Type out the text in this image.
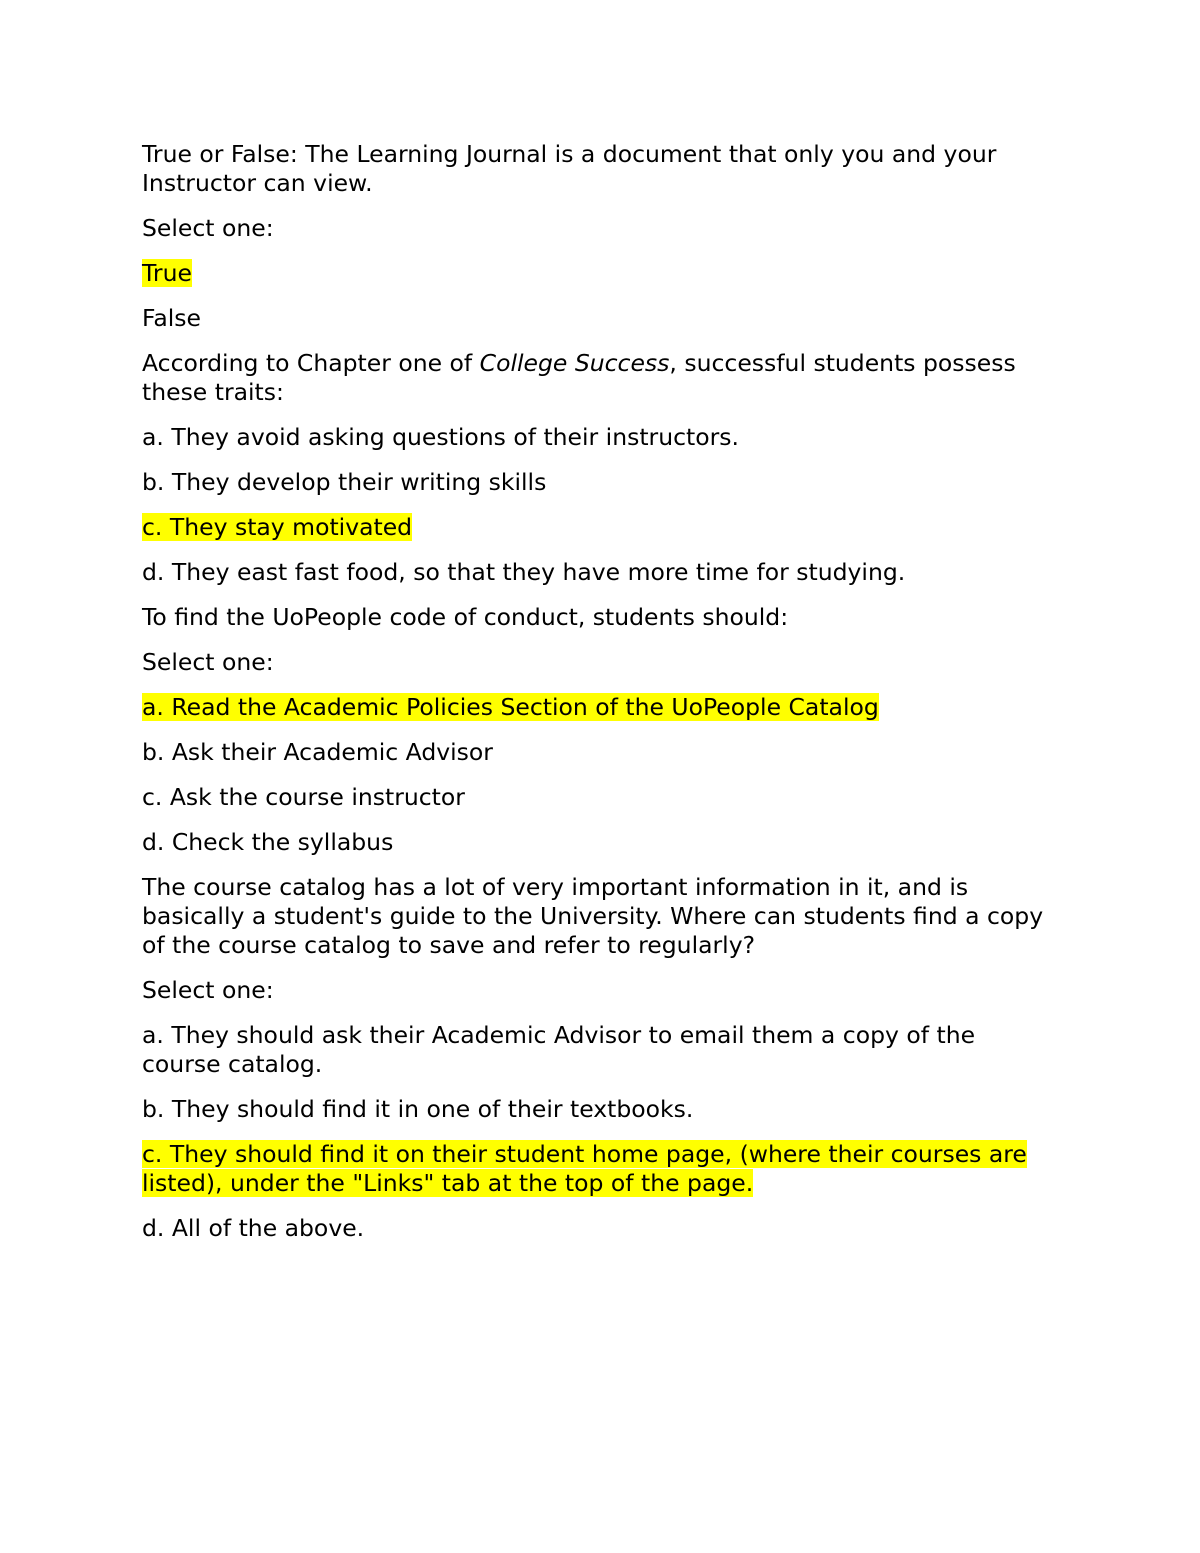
True or False: The Learning Journal is a document that only you and your Instructor can view.

Select one:

True

False

According to Chapter one of College Success, successful students possess these traits:

a. They avoid asking questions of their instructors.

b. They develop their writing skills

c. They stay motivated

d. They east fast food, so that they have more time for studying.

To find the UoPeople code of conduct, students should:

Select one:

a. Read the Academic Policies Section of the UoPeople Catalog

b. Ask their Academic Advisor

c. Ask the course instructor

d. Check the syllabus

The course catalog has a lot of very important information in it, and is basically a student's guide to the University. Where can students find a copy of the course catalog to save and refer to regularly?

Select one:

a. They should ask their Academic Advisor to email them a copy of the course catalog.

b. They should find it in one of their textbooks.

c. They should find it on their student home page, (where their courses are listed), under the "Links" tab at the top of the page.

d. All of the above.
